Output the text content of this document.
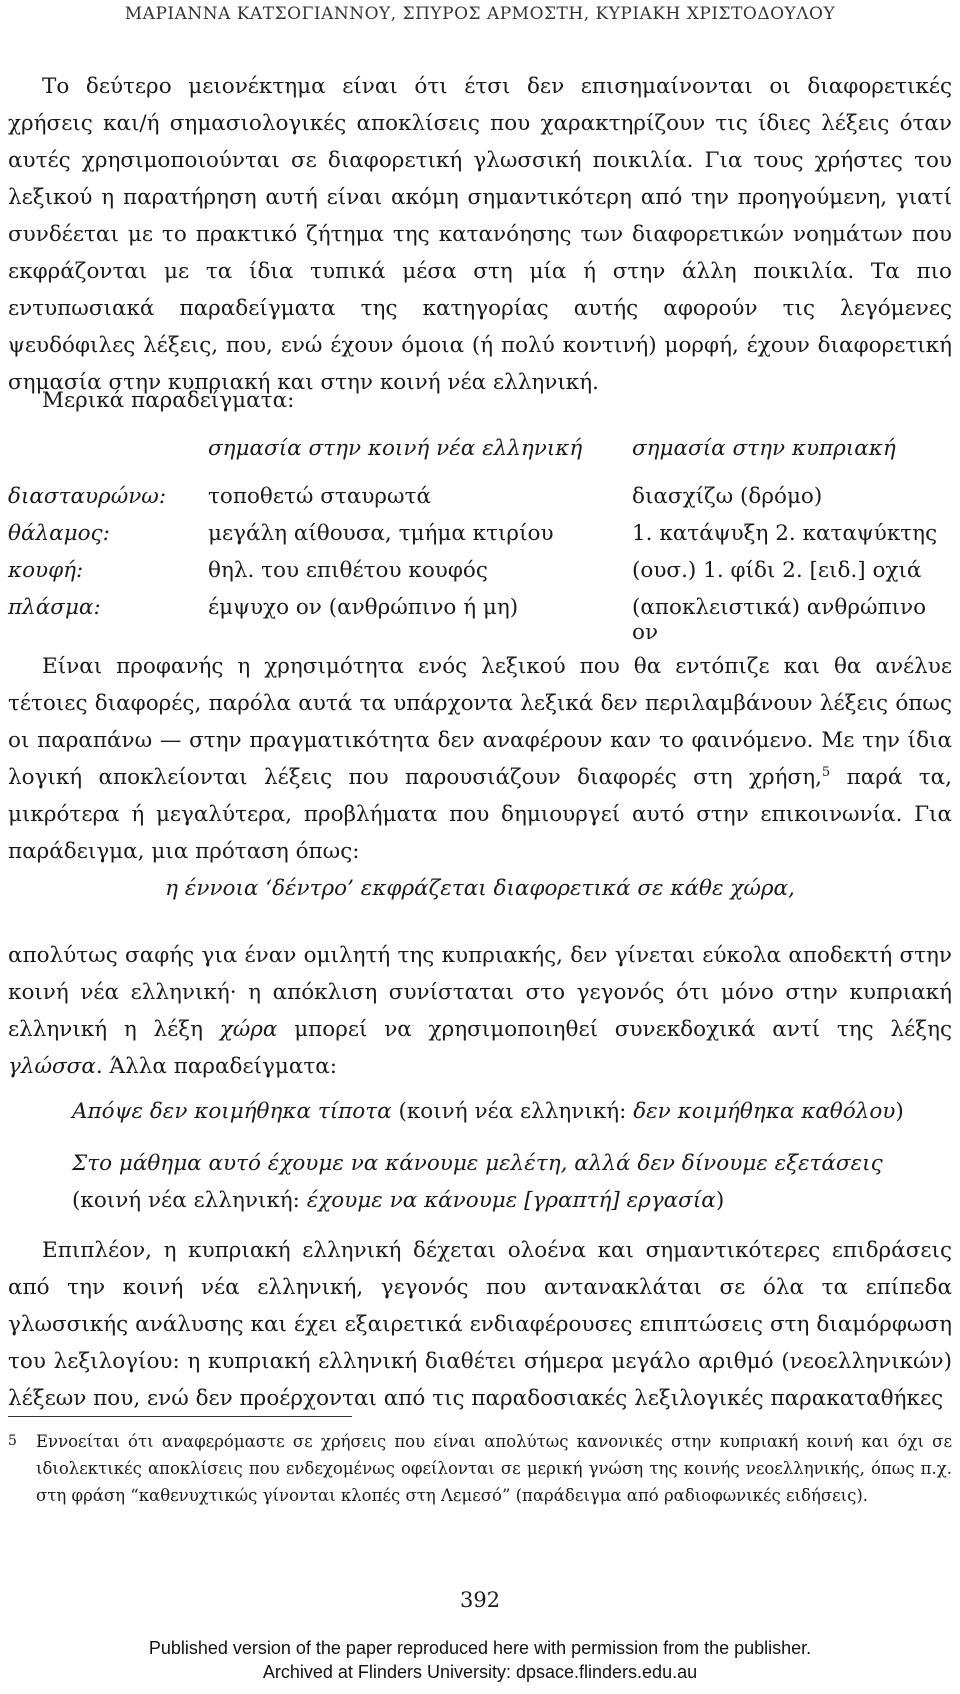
ΜΑΡΙΑΝΝΑ ΚΑΤΣΟΓΙΑΝΝΟΥ, ΣΠΥΡΟΣ ΑΡΜΟΣΤΗ, ΚΥΡΙΑΚΗ ΧΡΙΣΤΟΔΟΥΛΟΥ

Το δεύτερο μειονέκτημα είναι ότι έτσι δεν επισημαίνονται οι διαφορετικές χρήσεις και/ή σημασιολογικές αποκλίσεις που χαρακτηρίζουν τις ίδιες λέξεις όταν αυτές χρησιμοποιούνται σε διαφορετική γλωσσική ποικιλία. Για τους χρήστες του λεξικού η παρατήρηση αυτή είναι ακόμη σημαντικότερη από την προηγούμενη, γιατί συνδέεται με το πρακτικό ζήτημα της κατανόησης των διαφορετικών νοημάτων που εκφράζονται με τα ίδια τυπικά μέσα στη μία ή στην άλλη ποικιλία. Τα πιο εντυπωσιακά παραδείγματα της κατηγορίας αυτής αφορούν τις λεγόμενες ψευδόφιλες λέξεις, που, ενώ έχουν όμοια (ή πολύ κοντινή) μορφή, έχουν διαφορετική σημασία στην κυπριακή και στην κοινή νέα ελληνική.

Μερικά παραδείγματα:
	σημασία στην κοινή νέα ελληνική	σημασία στην κυπριακή
διασταυρώνω:	τοποθετώ σταυρωτά	διασχίζω (δρόμο)
θάλαμος:	μεγάλη αίθουσα, τμήμα κτιρίου	1. κατάψυξη 2. καταψύκτης
κουφή:	θηλ. του επιθέτου κουφός	(ουσ.) 1. φίδι 2. [ειδ.] οχιά
πλάσμα:	έμψυχο ον (ανθρώπινο ή μη)	(αποκλειστικά) ανθρώπινο ον

Είναι προφανής η χρησιμότητα ενός λεξικού που θα εντόπιζε και θα ανέλυε τέτοιες διαφορές, παρόλα αυτά τα υπάρχοντα λεξικά δεν περιλαμβάνουν λέξεις όπως οι παραπάνω — στην πραγματικότητα δεν αναφέρουν καν το φαινόμενο. Με την ίδια λογική αποκλείονται λέξεις που παρουσιάζουν διαφορές στη χρήση,$^5$ παρά τα, μικρότερα ή μεγαλύτερα, προβλήματα που δημιουργεί αυτό στην επικοινωνία. Για παράδειγμα, μια πρόταση όπως:

η έννοια ‘δέντρο’ εκφράζεται διαφορετικά σε κάθε χώρα,

απολύτως σαφής για έναν ομιλητή της κυπριακής, δεν γίνεται εύκολα αποδεκτή στην κοινή νέα ελληνική· η απόκλιση συνίσταται στο γεγονός ότι μόνο στην κυπριακή ελληνική η λέξη χώρα μπορεί να χρησιμοποιηθεί συνεκδοχικά αντί της λέξης γλώσσα. Άλλα παραδείγματα:

Απόψε δεν κοιμήθηκα τίποτα (κοινή νέα ελληνική: δεν κοιμήθηκα καθόλου)
Στο μάθημα αυτό έχουμε να κάνουμε μελέτη, αλλά δεν δίνουμε εξετάσεις (κοινή νέα ελληνική: έχουμε να κάνουμε [γραπτή] εργασία)

Επιπλέον, η κυπριακή ελληνική δέχεται ολοένα και σημαντικότερες επιδράσεις από την κοινή νέα ελληνική, γεγονός που αντανακλάται σε όλα τα επίπεδα γλωσσικής ανάλυσης και έχει εξαιρετικά ενδιαφέρουσες επιπτώσεις στη διαμόρφωση του λεξιλογίου: η κυπριακή ελληνική διαθέτει σήμερα μεγάλο αριθμό (νεοελληνικών) λέξεων που, ενώ δεν προέρχονται από τις παραδοσιακές λεξιλογικές παρακαταθήκες

5 Εννοείται ότι αναφερόμαστε σε χρήσεις που είναι απολύτως κανονικές στην κυπριακή κοινή και όχι σε ιδιολεκτικές αποκλίσεις που ενδεχομένως οφείλονται σε μερική γνώση της κοινής νεοελληνικής, όπως π.χ. στη φράση “καθενυχτικώς γίνονται κλοπές στη Λεμεσό” (παράδειγμα από ραδιοφωνικές ειδήσεις).
392
Published version of the paper reproduced here with permission from the publisher.
Archived at Flinders University: dpsace.flinders.edu.au
